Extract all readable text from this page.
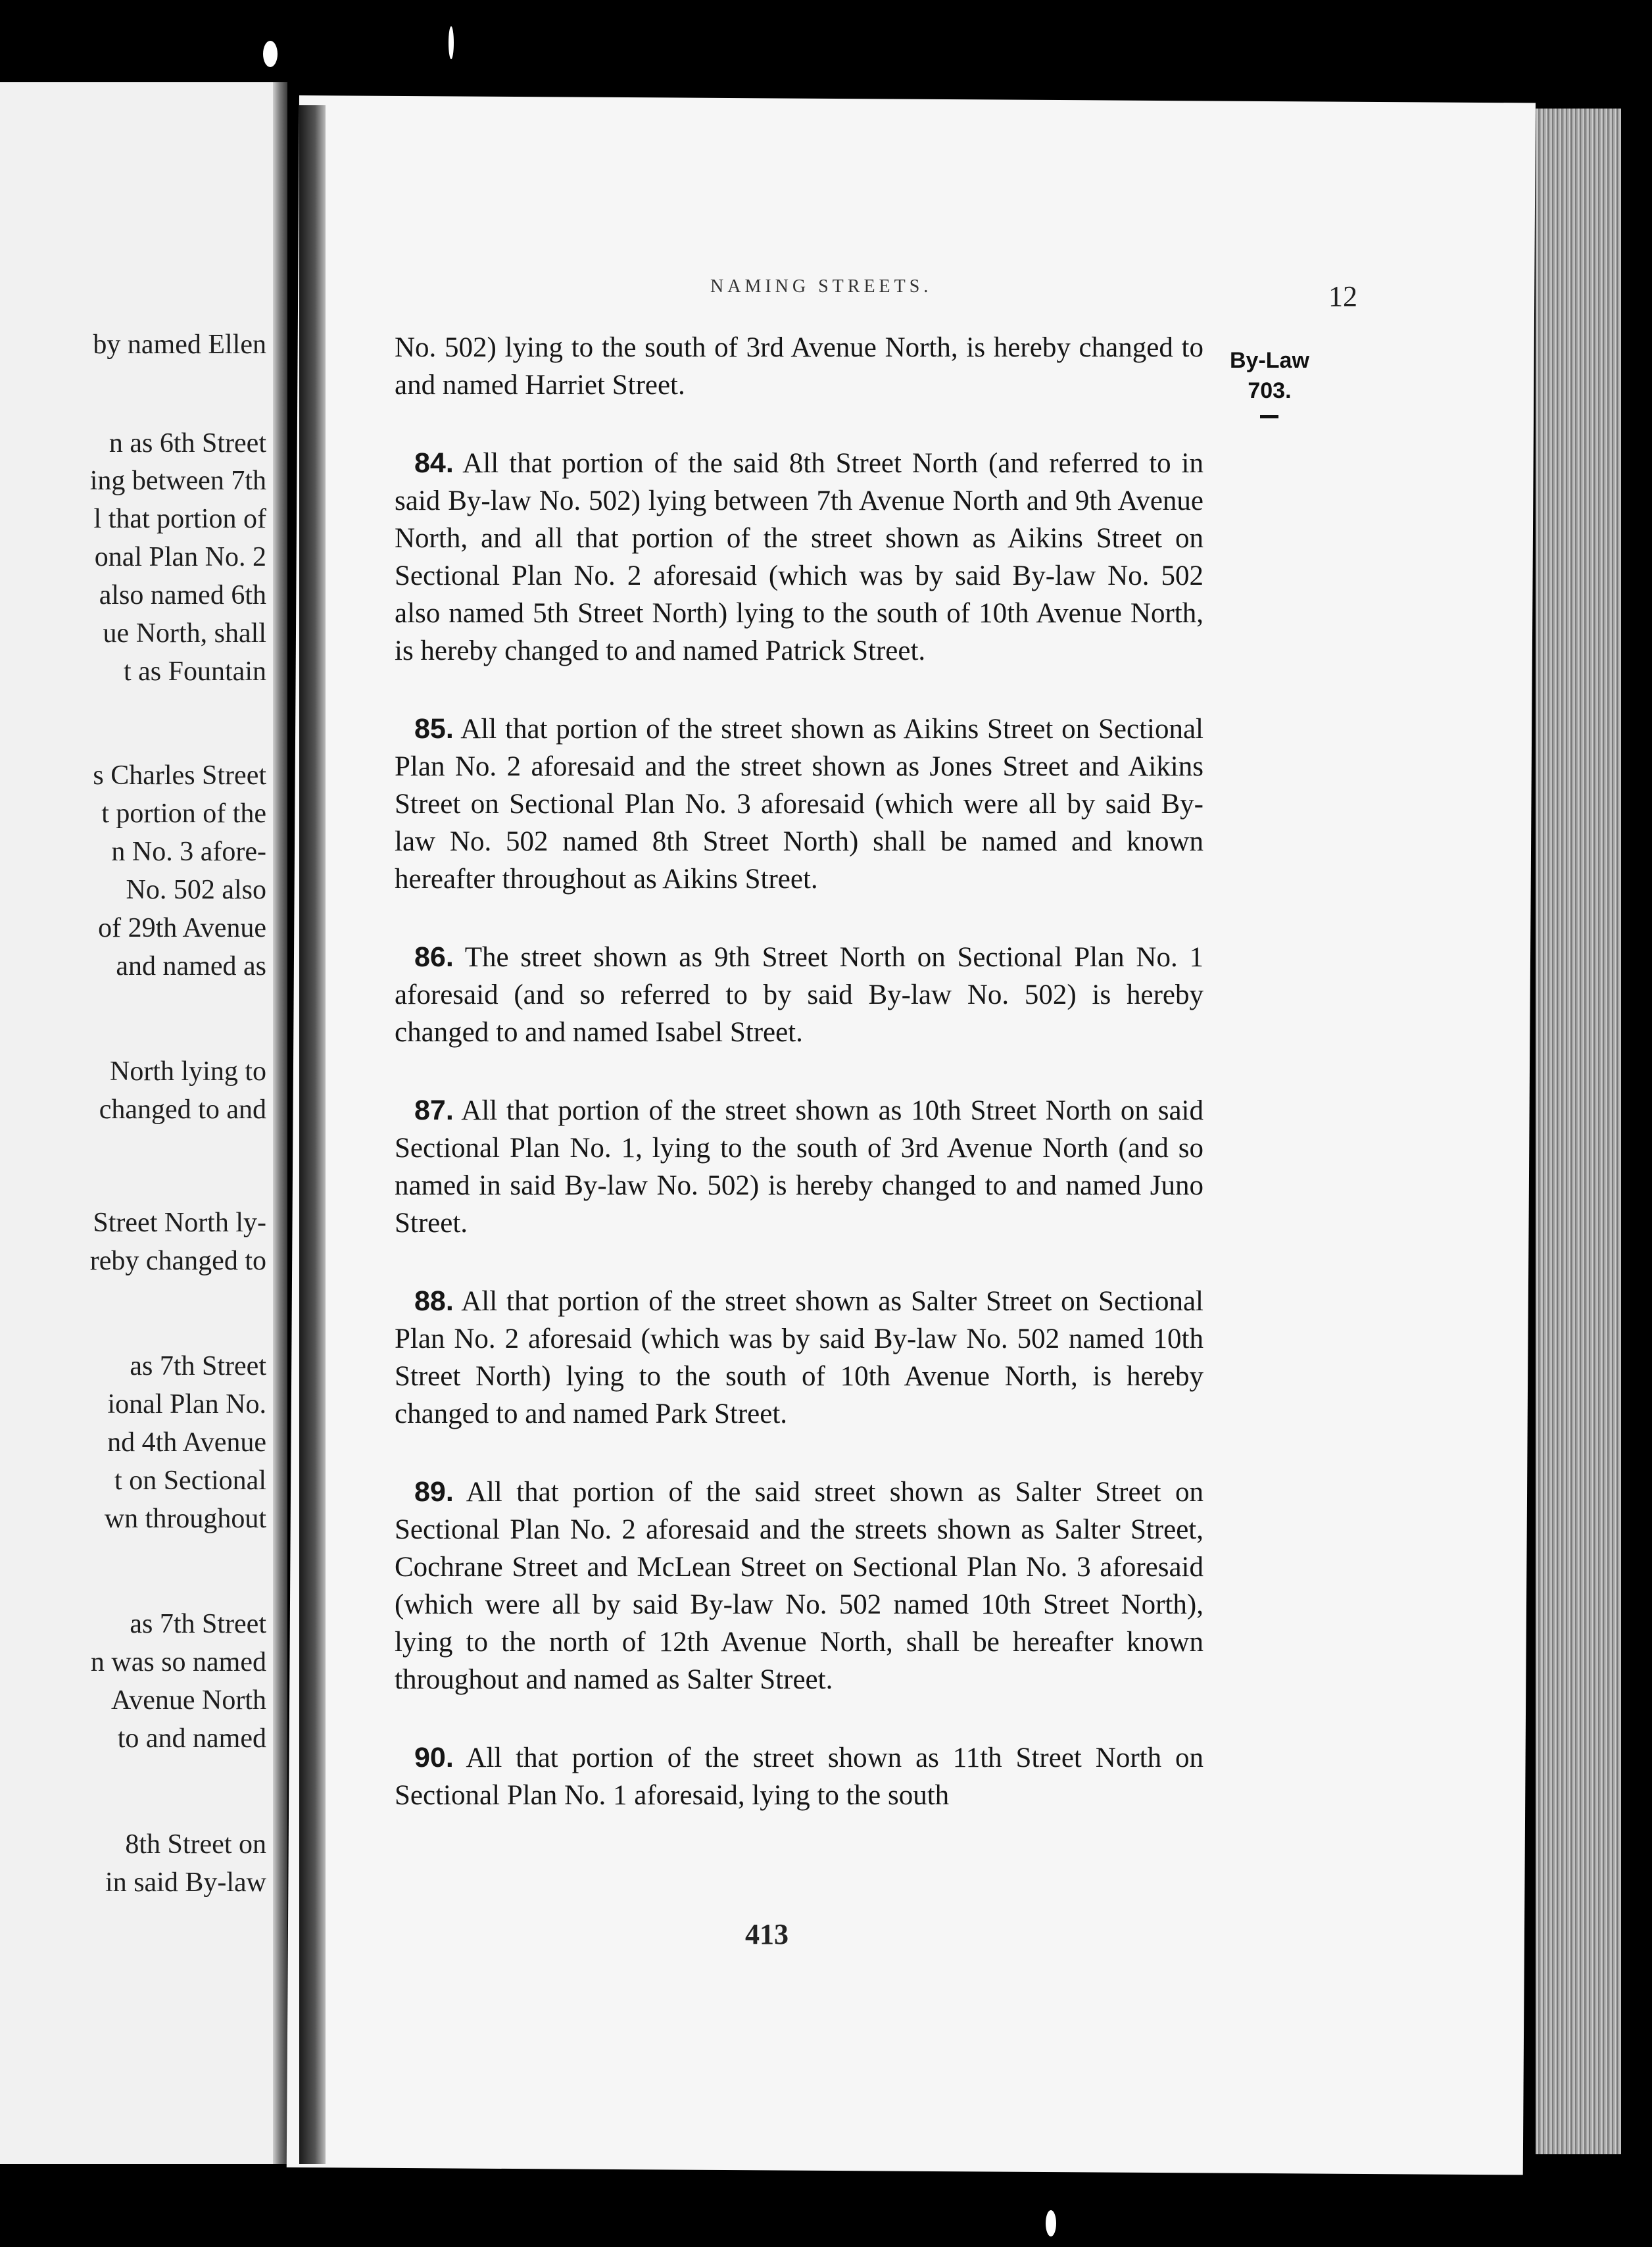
by named Ellen
n as 6th Street
ing between 7th
l that portion of
onal Plan No. 2
also named 6th
ue North, shall
t as Fountain
s Charles Street
t portion of the
n No. 3 afore-
No. 502 also
of 29th Avenue
and named as
North lying to
changed to and
Street North ly-
reby changed to
as 7th Street
ional Plan No.
nd 4th Avenue
t on Sectional
wn throughout
as 7th Street
n was so named
Avenue North
to and named
8th Street on
in said By-law
NAMING STREETS.	12
By-Law
703.

No. 502) lying to the south of 3rd Avenue North, is hereby changed to and named Harriet Street.

84. All that portion of the said 8th Street North (and referred to in said By-law No. 502) lying between 7th Avenue North and 9th Avenue North, and all that portion of the street shown as Aikins Street on Sectional Plan No. 2 aforesaid (which was by said By-law No. 502 also named 5th Street North) lying to the south of 10th Avenue North, is hereby changed to and named Patrick Street.

85. All that portion of the street shown as Aikins Street on Sectional Plan No. 2 aforesaid and the street shown as Jones Street and Aikins Street on Sectional Plan No. 3 aforesaid (which were all by said By-law No. 502 named 8th Street North) shall be named and known hereafter throughout as Aikins Street.

86. The street shown as 9th Street North on Sectional Plan No. 1 aforesaid (and so referred to by said By-law No. 502) is hereby changed to and named Isabel Street.

87. All that portion of the street shown as 10th Street North on said Sectional Plan No. 1, lying to the south of 3rd Avenue North (and so named in said By-law No. 502) is hereby changed to and named Juno Street.

88. All that portion of the street shown as Salter Street on Sectional Plan No. 2 aforesaid (which was by said By-law No. 502 named 10th Street North) lying to the south of 10th Avenue North, is hereby changed to and named Park Street.

89. All that portion of the said street shown as Salter Street on Sectional Plan No. 2 aforesaid and the streets shown as Salter Street, Cochrane Street and McLean Street on Sectional Plan No. 3 aforesaid (which were all by said By-law No. 502 named 10th Street North), lying to the north of 12th Avenue North, shall be hereafter known throughout and named as Salter Street.

90. All that portion of the street shown as 11th Street North on Sectional Plan No. 1 aforesaid, lying to the south

413
